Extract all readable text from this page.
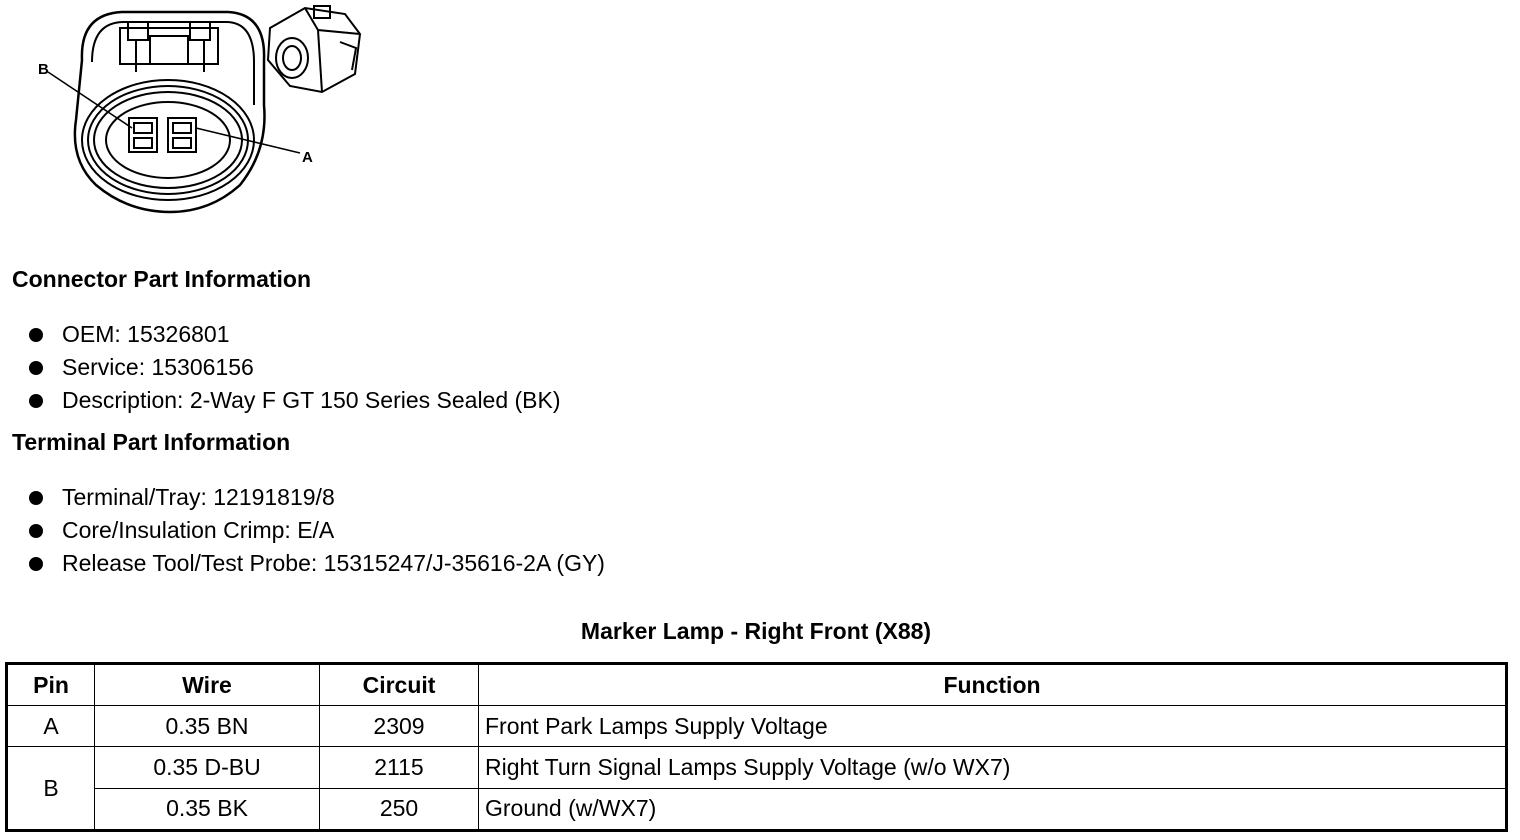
B
A
Connector Part Information
OEM: 15326801
Service: 15306156
Description: 2-Way F GT 150 Series Sealed (BK)
Terminal Part Information
Terminal/Tray: 12191819/8
Core/Insulation Crimp: E/A
Release Tool/Test Probe: 15315247/J-35616-2A (GY)
Marker Lamp - Right Front (X88)
Pin	Wire	Circuit	Function
A	0.35 BN	2309	Front Park Lamps Supply Voltage
B	0.35 D-BU	2115	Right Turn Signal Lamps Supply Voltage (w/o WX7)
	0.35 BK	250	Ground (w/WX7)
